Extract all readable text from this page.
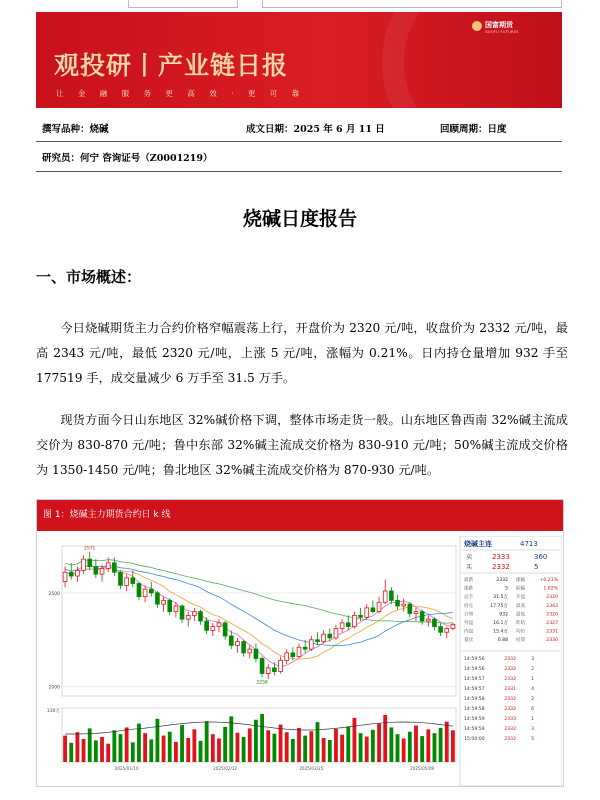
国富期货
GUOFU FUTURES
观投研丨产业链日报
让 金 融 服 务 更 高 效 · 更 可 靠
撰写品种：烧碱	成文日期：2025 年 6 月 11 日	回顾周期：日度
研究员：何宁 咨询证号（Z0001219）
烧碱日度报告
一、市场概述：

今日烧碱期货主力合约价格窄幅震荡上行，开盘价为 2320 元/吨，收盘价为 2332 元/吨，最高 2343 元/吨，最低 2320 元/吨，上涨 5 元/吨，涨幅为 0.21%。日内持仓量增加 932 手至 177519 手，成交量减少 6 万手至 31.5 万手。

现货方面今日山东地区 32%碱价格下调，整体市场走货一般。山东地区鲁西南 32%碱主流成交价为 830-870 元/吨；鲁中东部 32%碱主流成交价格为 830-910 元/吨；50%碱主流成交价格为 1350-1450 元/吨；鲁北地区 32%碱主流成交价格为 870-930 元/吨。

图 1：烧碱主力期货合约日 k 线
2500
2000
130万
2571
2258
2025/01/10	2025/02/12	2025/03/25	2025/05/09
烧碱主连	4713
卖	2333	360
买	2332	5
最新	2332 涨幅	+0.21%
涨跌	5 振幅	1.02%
总手	31.5万 开盘	2320
持仓	17.75万 最高	2343
日增	932 最低	2320
外盘	16.1万 昨结	2327
内盘	15.4万 均价	2331
量比	0.88 结算	2330
14:59:56	2332	3
14:59:56	2332	2
14:59:57	2332	1
14:59:57	2331	4
14:59:58	2332	2
14:59:58	2332	6
14:59:59	2333	1
14:59:59	2332	3
15:00:00	2332	5
